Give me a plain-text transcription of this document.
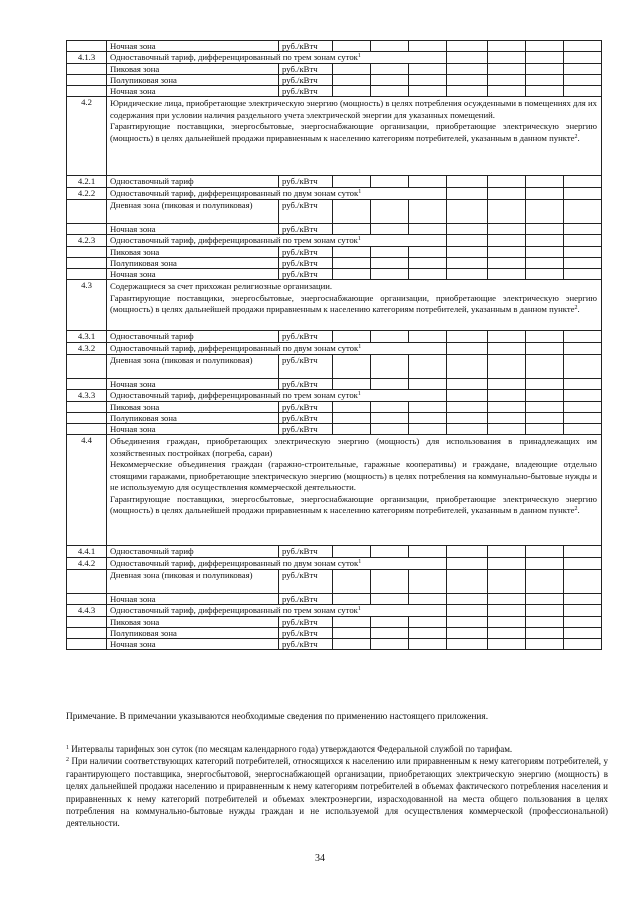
	Ночная зона	руб./кВтч							
4.1.3	Одноставочный тариф, дифференцированный по трем зонам суток$^1$					
	Пиковая зона	руб./кВтч							
	Полупиковая зона	руб./кВтч							
	Ночная зона	руб./кВтч							
4.2	Юридические лица, приобретающие электрическую энергию (мощность) в целях потребления осужденными в помещениях для их содержания при условии наличия раздельного учета электрической энергии для указанных помещений.
Гарантирующие поставщики, энергосбытовые, энергоснабжающие организации, приобретающие электрическую энергию (мощность) в целях дальнейшей продажи приравненным к населению категориям потребителей, указанным в данном пункте$^2$.								

4.2.1	Одноставочный тариф	руб./кВтч							
4.2.2	Одноставочный тариф, дифференцированный по двум зонам суток$^1$					
	Дневная зона (пиковая и полупиковая)	руб./кВтч							
	Ночная зона	руб./кВтч							
4.2.3	Одноставочный тариф, дифференцированный по трем зонам суток$^1$					
	Пиковая зона	руб./кВтч							
	Полупиковая зона	руб./кВтч							
	Ночная зона	руб./кВтч							
4.3	Содержащиеся за счет прихожан религиозные организации.
Гарантирующие поставщики, энергосбытовые, энергоснабжающие организации, приобретающие электрическую энергию (мощность) в целях дальнейшей продажи приравненным к населению категориям потребителей, указанным в данном пункте$^2$.								

4.3.1	Одноставочный тариф	руб./кВтч							
4.3.2	Одноставочный тариф, дифференцированный по двум зонам суток$^1$					
	Дневная зона (пиковая и полупиковая)	руб./кВтч							
	Ночная зона	руб./кВтч							
4.3.3	Одноставочный тариф, дифференцированный по трем зонам суток$^1$					
	Пиковая зона	руб./кВтч							
	Полупиковая зона	руб./кВтч							
	Ночная зона	руб./кВтч							
4.4	Объединения граждан, приобретающих электрическую энергию (мощность) для использования в принадлежащих им хозяйственных постройках (погреба, сараи)
Некоммерческие объединения граждан (гаражно-строительные, гаражные кооперативы) и граждане, владеющие отдельно стоящими гаражами, приобретающие электрическую энергию (мощность) в целях потребления на коммунально-бытовые нужды и не используемую для осуществления коммерческой деятельности.
Гарантирующие поставщики, энергосбытовые, энергоснабжающие организации, приобретающие электрическую энергию (мощность) в целях дальнейшей продажи приравненным к населению категориям потребителей, указанным в данном пункте$^2$.								

4.4.1	Одноставочный тариф	руб./кВтч							
4.4.2	Одноставочный тариф, дифференцированный по двум зонам суток$^1$					
	Дневная зона (пиковая и полупиковая)	руб./кВтч							
	Ночная зона	руб./кВтч							
4.4.3	Одноставочный тариф, дифференцированный по трем зонам суток$^1$					
	Пиковая зона	руб./кВтч							
	Полупиковая зона	руб./кВтч							
	Ночная зона	руб./кВтч							
Примечание. В примечании указываются необходимые сведения по применению настоящего приложения.

$^1$ Интервалы тарифных зон суток (по месяцам календарного года) утверждаются Федеральной службой по тарифам.

$^2$ При наличии соответствующих категорий потребителей, относящихся к населению или приравненным к нему категориям потребителей, у гарантирующего поставщика, энергосбытовой, энергоснабжающей организации, приобретающих электрическую энергию (мощность) в целях дальнейшей продажи населению и приравненным к нему категориям потребителей в объемах фактического потребления населения и приравненных к нему категорий потребителей и объемах электроэнергии, израсходованной на места общего пользования в целях потребления на коммунально-бытовые нужды граждан и не используемой для осуществления коммерческой (профессиональной) деятельности.

34
